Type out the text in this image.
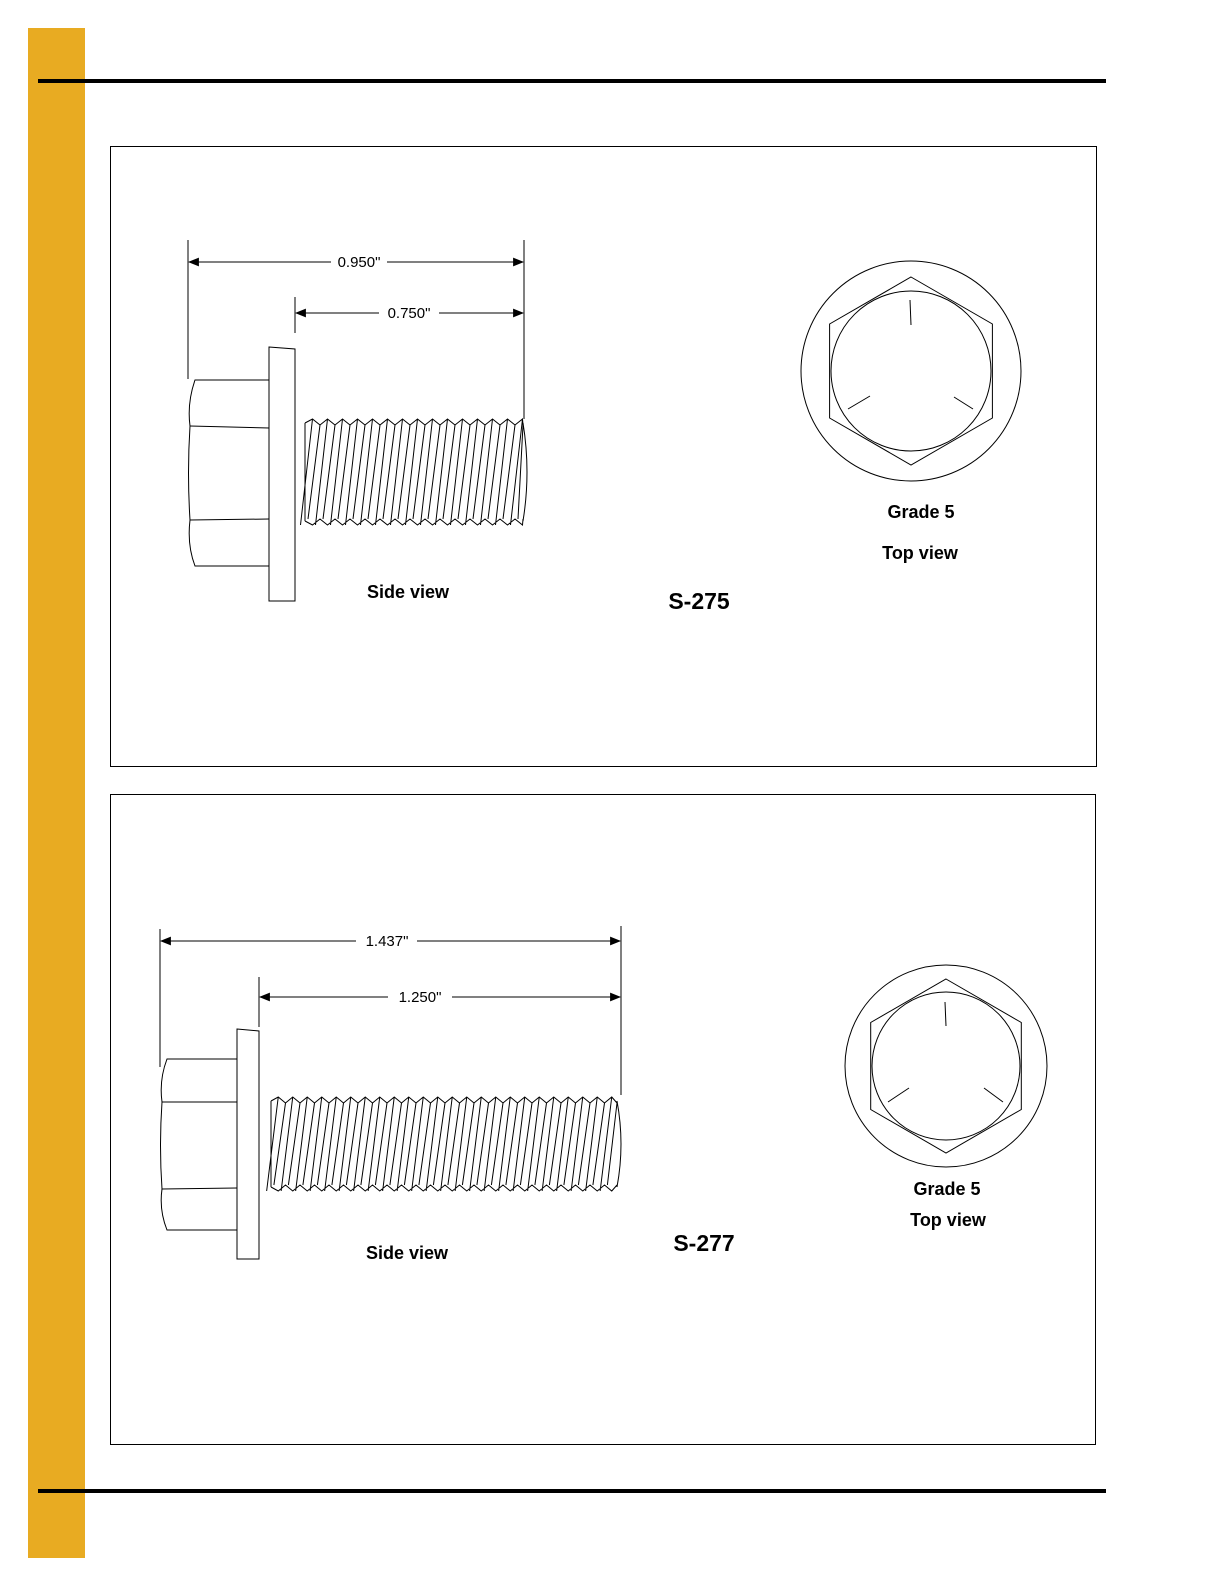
0.950"
0.750"
Side view	S-275
Grade 5
Top view
1.437"
1.250"
Side view	S-277
Grade 5
Top view
